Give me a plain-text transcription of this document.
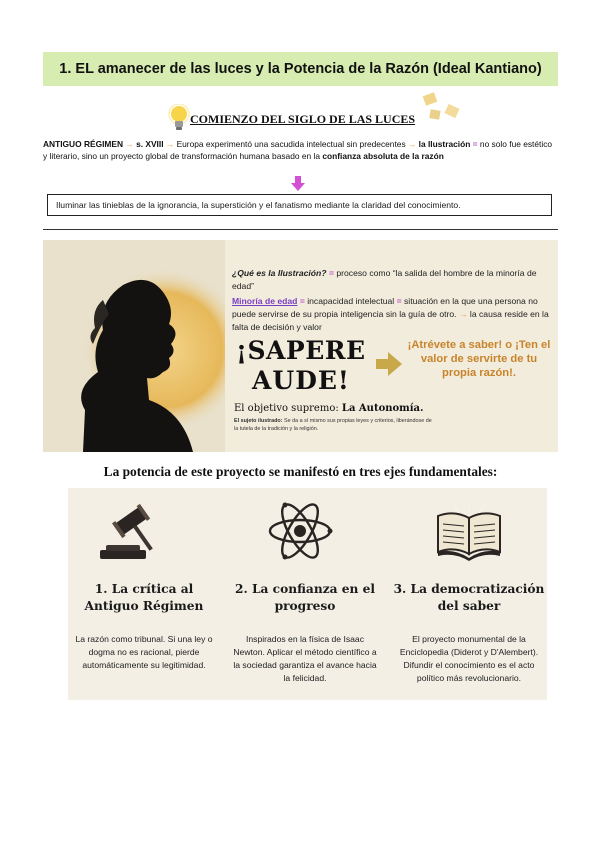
1. EL amanecer de las luces y la Potencia de la Razón (Ideal Kantiano)
COMIENZO DEL SIGLO DE LAS LUCES
ANTIGUO RÉGIMEN → s. XVIII → Europa experimentó una sacudida intelectual sin predecentes → la Ilustración = no solo fue estético y literario, sino un proyecto global de transformación humana basado en la confianza absoluta de la razón
Iluminar las tinieblas de la ignorancia, la superstición y el fanatismo mediante la claridad del conocimiento.
¿Qué es la Ilustración? = proceso como “la salida del hombre de la minoría de edad”
Minoría de edad = incapacidad intelectual = situación en la que una persona no puede servirse de su propia inteligencia sin la guía de otro. → la causa reside en la falta de decisión y valor
¡SAPERE
AUDE!
¡Atrévete a saber! o ¡Ten el valor de servirte de tu propia razón!.
El objetivo supremo: La Autonomía.
El sujeto ilustrado: Se da a sí mismo sus propias leyes y criterios, liberándose de la tutela de la tradición y la religión.
La potencia de este proyecto se manifestó en tres ejes fundamentales:
1. La crítica al Antiguo Régimen
La razón como tribunal. Si una ley o dogma no es racional, pierde automáticamente su legitimidad.
2. La confianza en el progreso
Inspirados en la física de Isaac Newton. Aplicar el método científico a la sociedad garantiza el avance hacia la felicidad.
3. La democratización del saber
El proyecto monumental de la Enciclopedia (Diderot y D'Alembert). Difundir el conocimiento es el acto político más revolucionario.
